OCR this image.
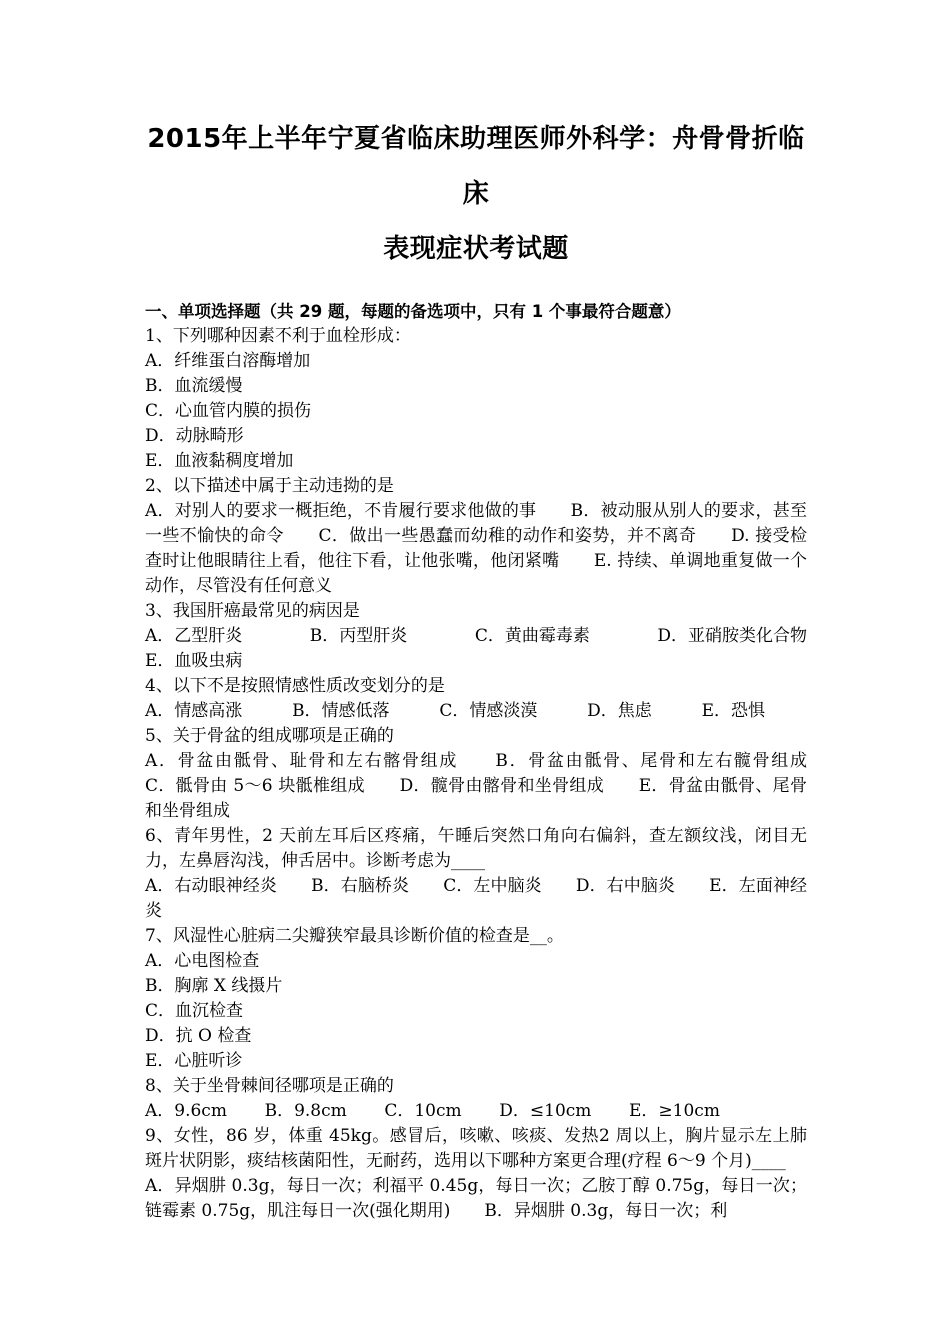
2015年上半年宁夏省临床助理医师外科学：舟骨骨折临床
表现症状考试题
一、单项选择题（共 29 题，每题的备选项中，只有 1 个事最符合题意）
1、下列哪种因素不利于血栓形成：
A．纤维蛋白溶酶增加
B．血流缓慢
C．心血管内膜的损伤
D．动脉畸形
E．血液黏稠度增加
2、以下描述中属于主动违拗的是
A．对别人的要求一概拒绝，不肯履行要求他做的事　　B．被动服从别人的要求，甚至一些不愉快的命令　　C．做出一些愚蠢而幼稚的动作和姿势，并不离奇　　D. 接受检查时让他眼睛往上看，他往下看，让他张嘴，他闭紧嘴　　E. 持续、单调地重复做一个动作，尽管没有任何意义
3、我国肝癌最常见的病因是
A．乙型肝炎	B．丙型肝炎	C．黄曲霉毒素	D．亚硝胺类化合物
E．血吸虫病
4、以下不是按照情感性质改变划分的是
A．情感高涨	B．情感低落	C．情感淡漠	D．焦虑	E．恐惧
5、关于骨盆的组成哪项是正确的
A．骨盆由骶骨、耻骨和左右髂骨组成　　B．骨盆由骶骨、尾骨和左右髋骨组成　　C．骶骨由 5～6 块骶椎组成　　D．髋骨由髂骨和坐骨组成　　E．骨盆由骶骨、尾骨和坐骨组成
6、青年男性，2 天前左耳后区疼痛，午睡后突然口角向右偏斜，查左额纹浅，闭目无力，左鼻唇沟浅，伸舌居中。诊断考虑为____
A．右动眼神经炎　　B．右脑桥炎　　C．左中脑炎　　D．右中脑炎　　E．左面神经炎
7、风湿性心脏病二尖瓣狭窄最具诊断价值的检查是__。
A．心电图检查
B．胸廓 X 线摄片
C．血沉检查
D．抗 O 检查
E．心脏听诊
8、关于坐骨棘间径哪项是正确的
A．9.6cm B．9.8cm C．10cm D．≤10cm E．≥10cm
9、女性，86 岁，体重 45kg。感冒后，咳嗽、咳痰、发热2 周以上，胸片显示左上肺斑片状阴影，痰结核菌阳性，无耐药，选用以下哪种方案更合理(疗程 6～9 个月)____
A．异烟肼 0.3g，每日一次；利福平 0.45g，每日一次；乙胺丁醇 0.75g，每日一次；链霉素 0.75g，肌注每日一次(强化期用)　　B．异烟肼 0.3g，每日一次；利
